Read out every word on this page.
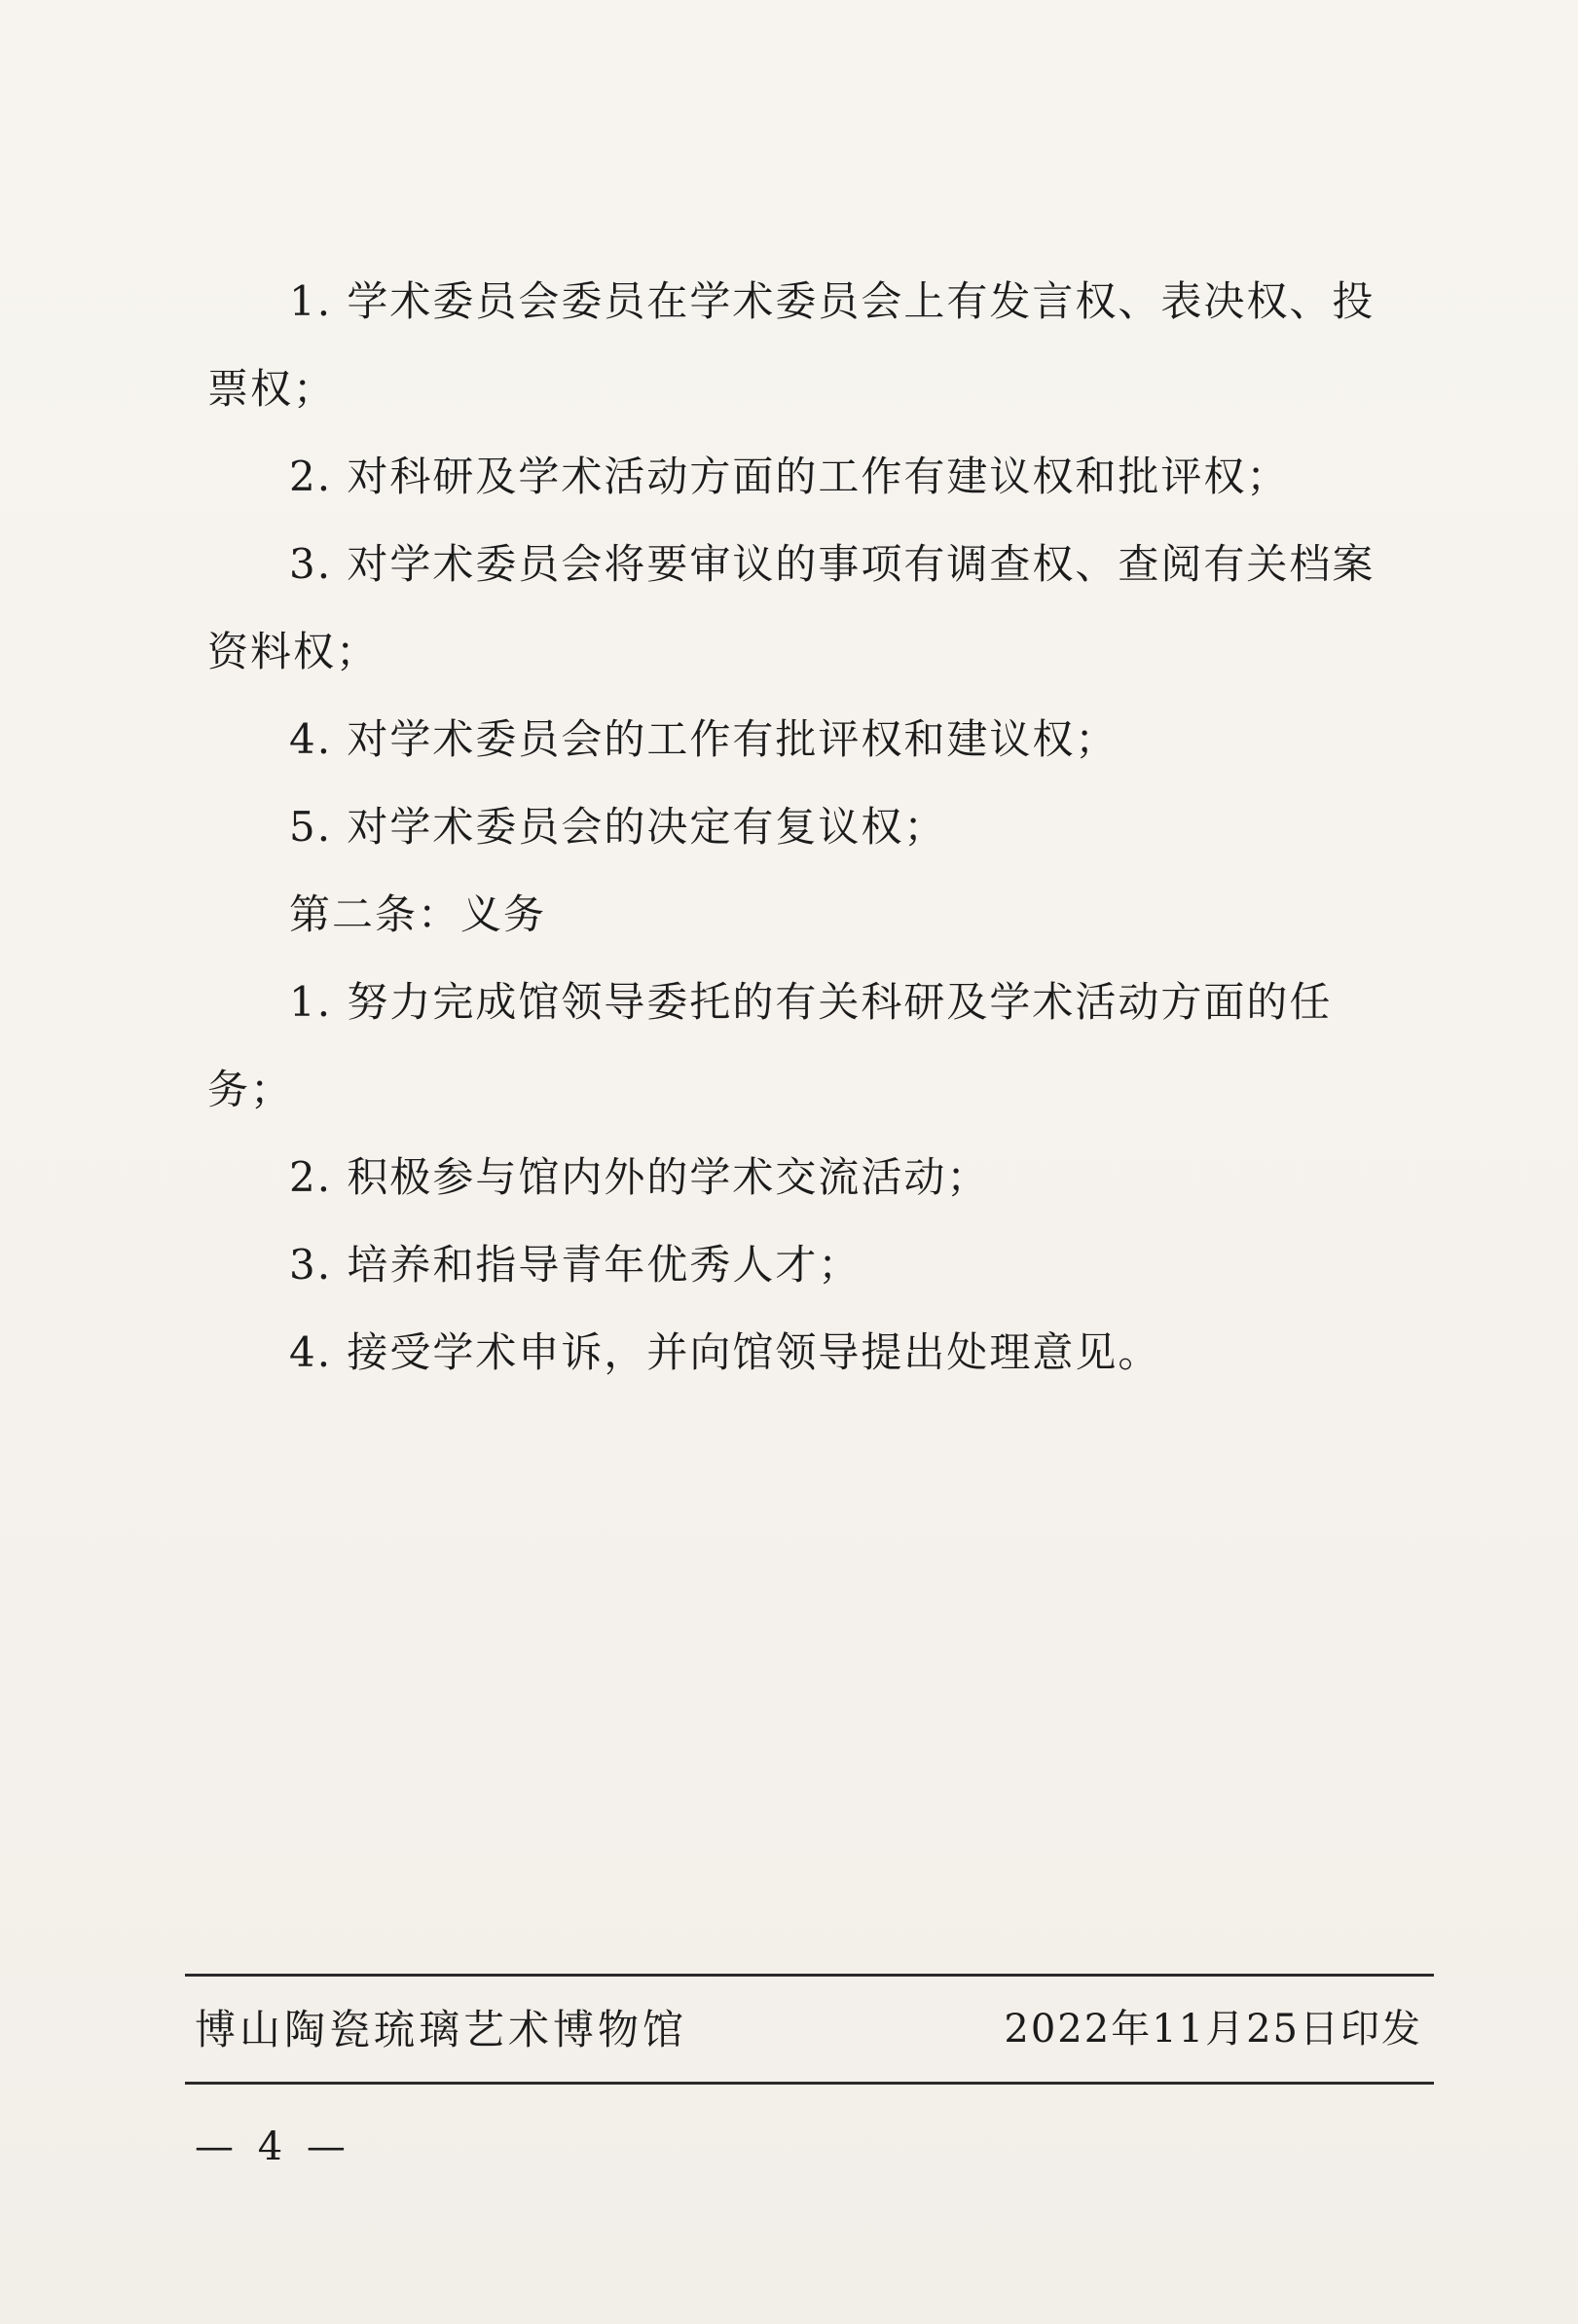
1. 学术委员会委员在学术委员会上有发言权、表决权、投票权；

2. 对科研及学术活动方面的工作有建议权和批评权；

3. 对学术委员会将要审议的事项有调查权、查阅有关档案资料权；

4. 对学术委员会的工作有批评权和建议权；

5. 对学术委员会的决定有复议权；

第二条：义务

1. 努力完成馆领导委托的有关科研及学术活动方面的任务；

2. 积极参与馆内外的学术交流活动；

3. 培养和指导青年优秀人才；

4. 接受学术申诉，并向馆领导提出处理意见。

博山陶瓷琉璃艺术博物馆	2022年11月25日印发
— 4 —
